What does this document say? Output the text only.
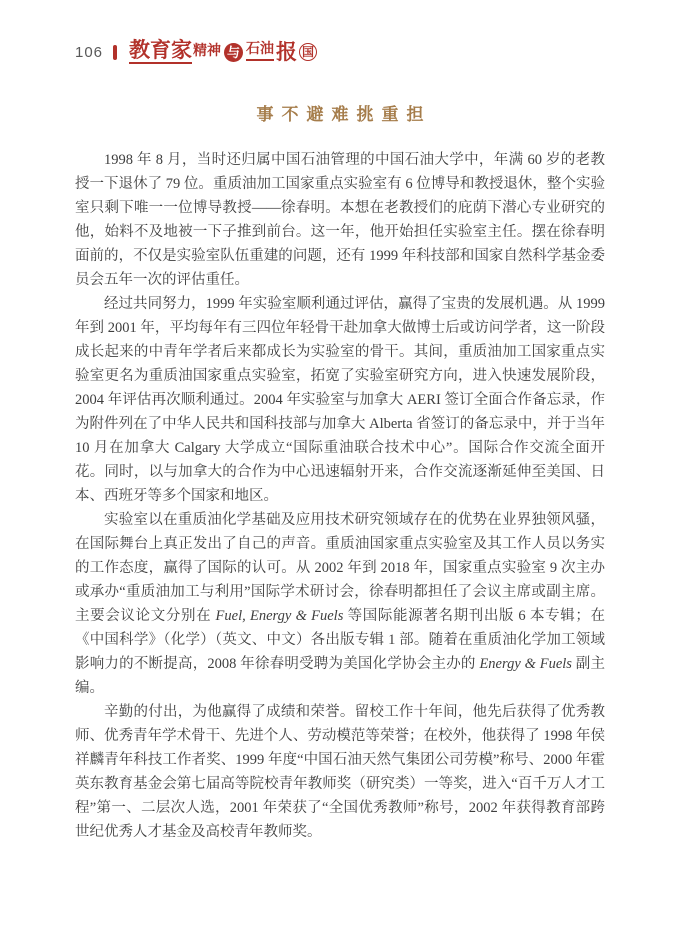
106 教育家 精神 与 石油 报 国
事不避难挑重担

1998 年 8 月，当时还归属中国石油管理的中国石油大学中，年满 60 岁的老教授一下退休了 79 位。重质油加工国家重点实验室有 6 位博导和教授退休，整个实验室只剩下唯一一位博导教授——徐春明。本想在老教授们的庇荫下潜心专业研究的他，始料不及地被一下子推到前台。这一年，他开始担任实验室主任。摆在徐春明面前的，不仅是实验室队伍重建的问题，还有 1999 年科技部和国家自然科学基金委员会五年一次的评估重任。

经过共同努力，1999 年实验室顺利通过评估，赢得了宝贵的发展机遇。从 1999 年到 2001 年，平均每年有三四位年轻骨干赴加拿大做博士后或访问学者，这一阶段成长起来的中青年学者后来都成长为实验室的骨干。其间，重质油加工国家重点实验室更名为重质油国家重点实验室，拓宽了实验室研究方向，进入快速发展阶段，2004 年评估再次顺利通过。2004 年实验室与加拿大 AERI 签订全面合作备忘录，作为附件列在了中华人民共和国科技部与加拿大 Alberta 省签订的备忘录中，并于当年 10 月在加拿大 Calgary 大学成立“国际重油联合技术中心”。国际合作交流全面开花。同时，以与加拿大的合作为中心迅速辐射开来，合作交流逐渐延伸至美国、日本、西班牙等多个国家和地区。

实验室以在重质油化学基础及应用技术研究领域存在的优势在业界独领风骚，在国际舞台上真正发出了自己的声音。重质油国家重点实验室及其工作人员以务实的工作态度，赢得了国际的认可。从 2002 年到 2018 年，国家重点实验室 9 次主办或承办“重质油加工与利用”国际学术研讨会，徐春明都担任了会议主席或副主席。主要会议论文分别在 Fuel, Energy & Fuels 等国际能源著名期刊出版 6 本专辑；在《中国科学》（化学）（英文、中文）各出版专辑 1 部。随着在重质油化学加工领域影响力的不断提高，2008 年徐春明受聘为美国化学协会主办的 Energy & Fuels 副主编。

辛勤的付出，为他赢得了成绩和荣誉。留校工作十年间，他先后获得了优秀教师、优秀青年学术骨干、先进个人、劳动模范等荣誉；在校外，他获得了 1998 年侯祥麟青年科技工作者奖、1999 年度“中国石油天然气集团公司劳模”称号、2000 年霍英东教育基金会第七届高等院校青年教师奖（研究类）一等奖，进入“百千万人才工程”第一、二层次人选，2001 年荣获了“全国优秀教师”称号，2002 年获得教育部跨世纪优秀人才基金及高校青年教师奖。
